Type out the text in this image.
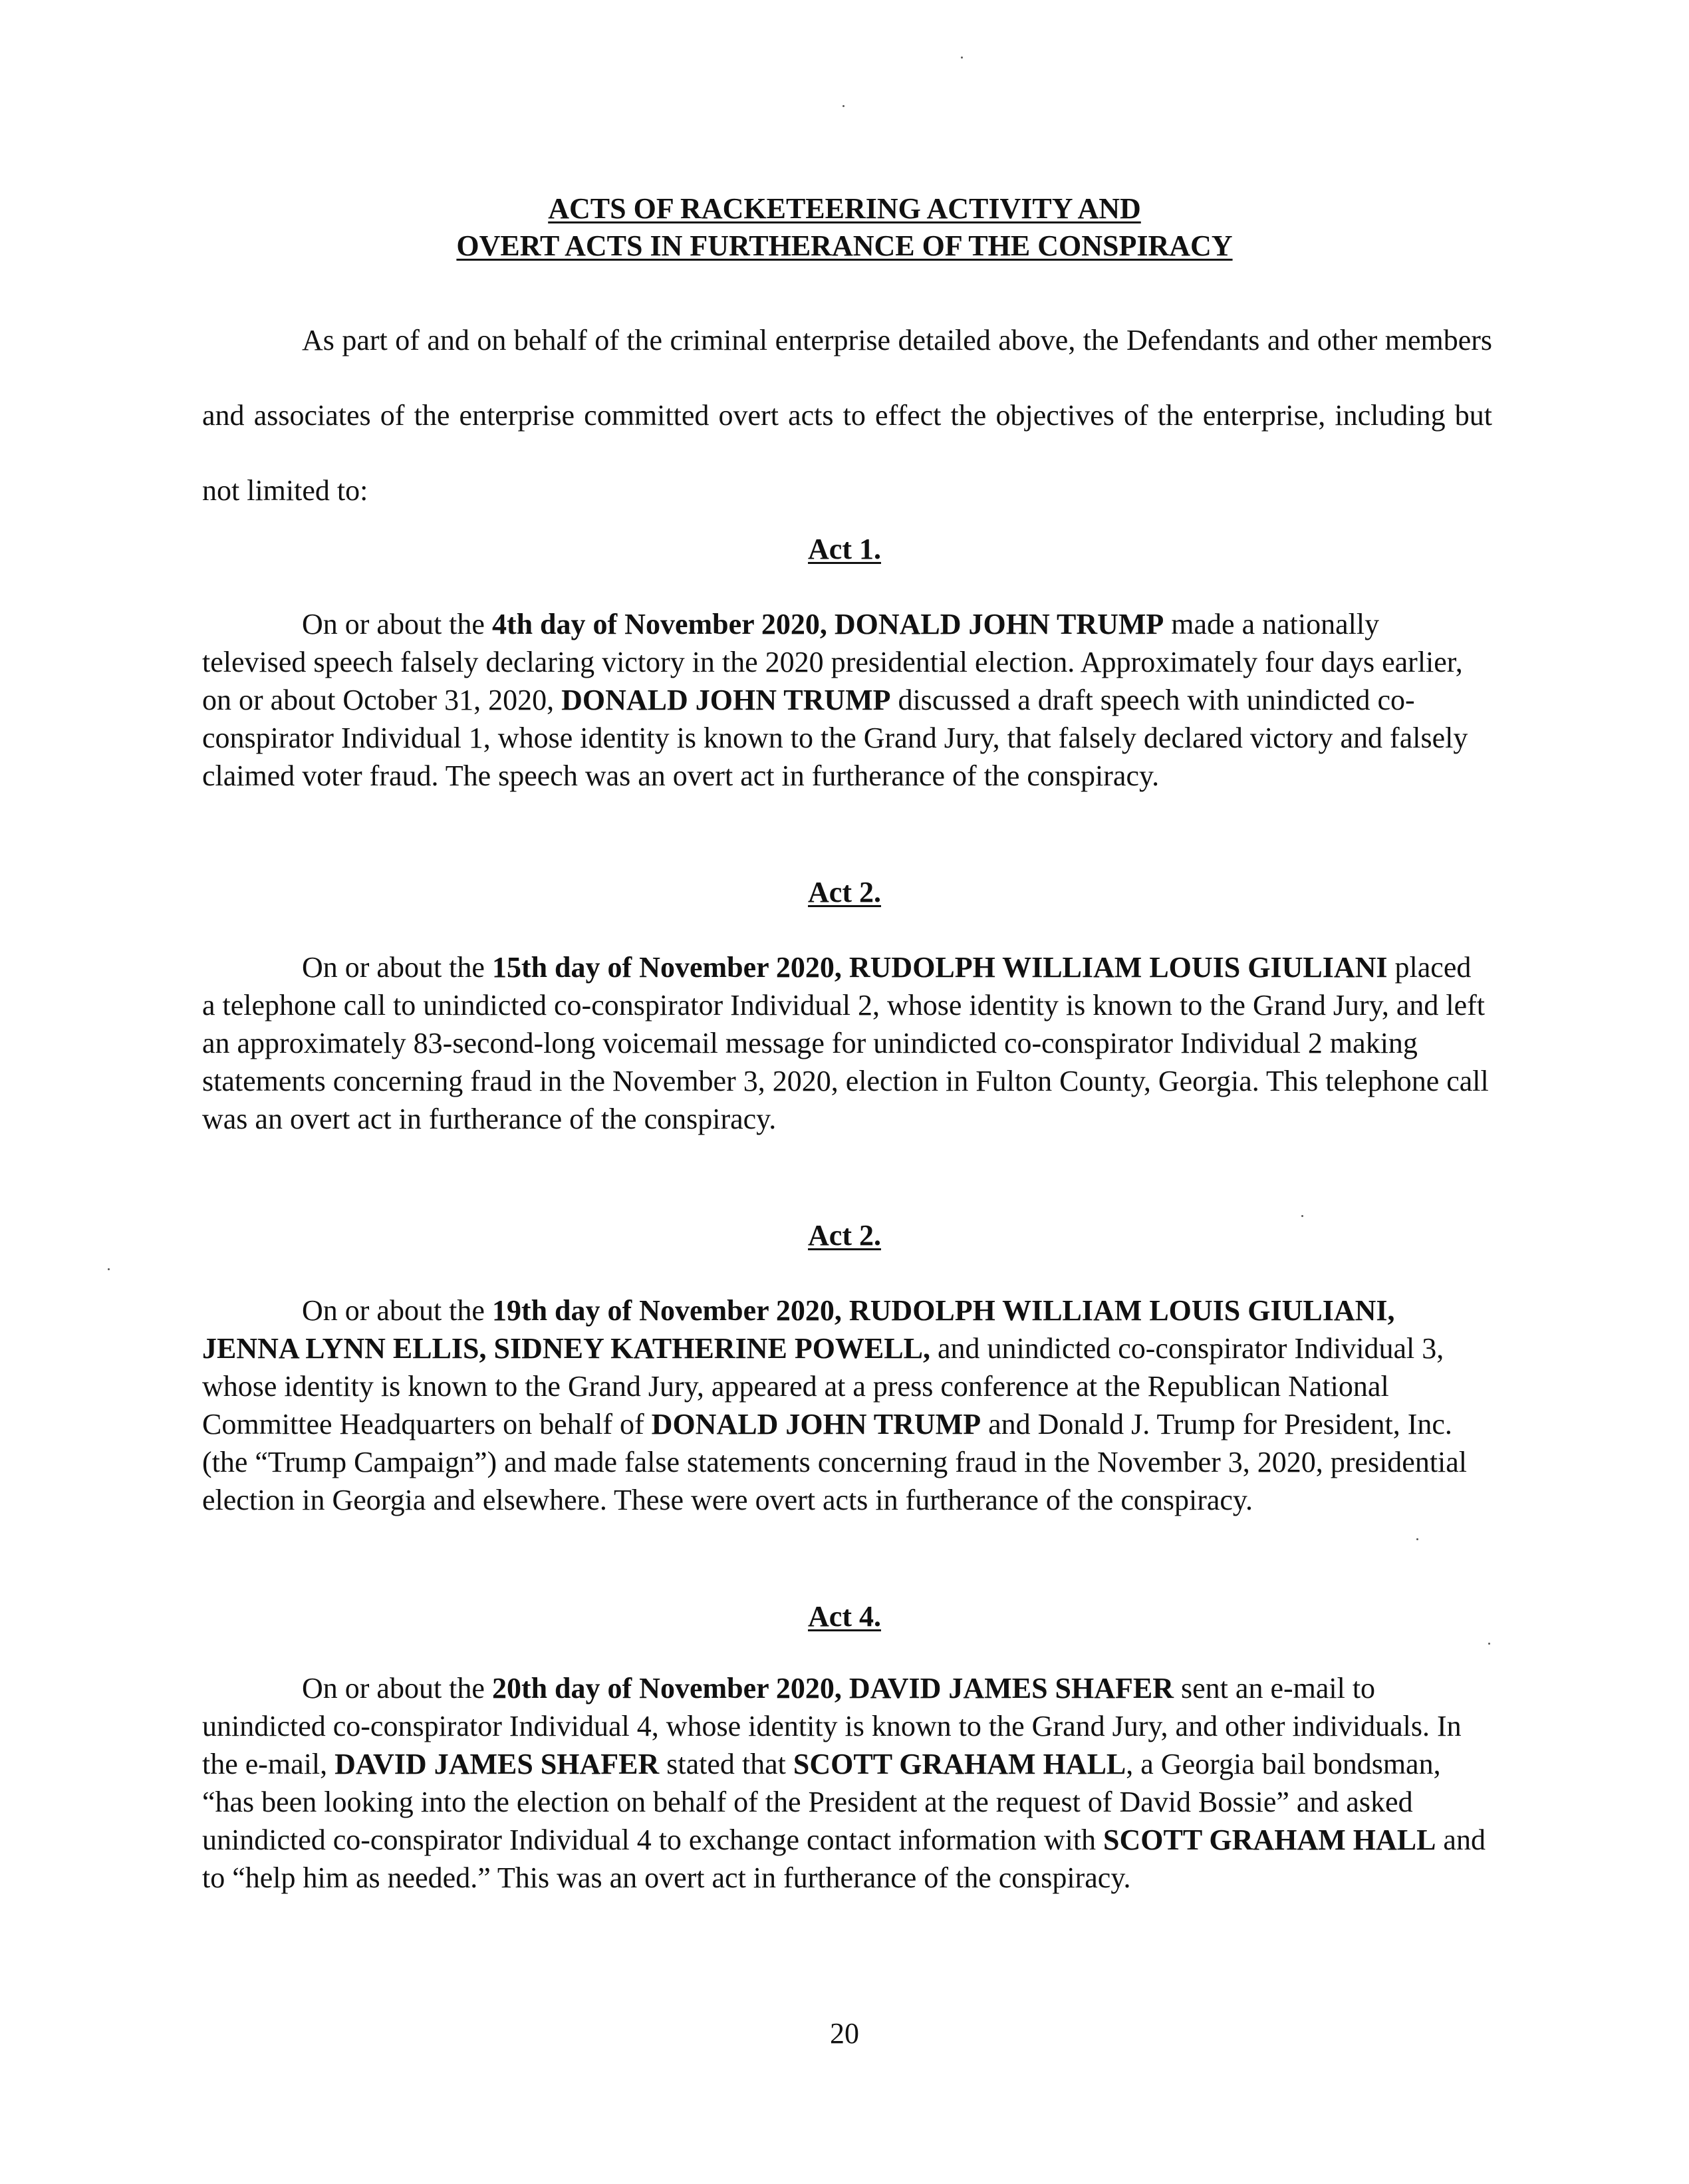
ACTS OF RACKETEERING ACTIVITY AND
OVERT ACTS IN FURTHERANCE OF THE CONSPIRACY

As part of and on behalf of the criminal enterprise detailed above, the Defendants and other members and associates of the enterprise committed overt acts to effect the objectives of the enterprise, including but not limited to:

Act 1.

On or about the 4th day of November 2020, DONALD JOHN TRUMP made a nationally televised speech falsely declaring victory in the 2020 presidential election. Approximately four days earlier, on or about October 31, 2020, DONALD JOHN TRUMP discussed a draft speech with unindicted co-conspirator Individual 1, whose identity is known to the Grand Jury, that falsely declared victory and falsely claimed voter fraud. The speech was an overt act in furtherance of the conspiracy.

Act 2.

On or about the 15th day of November 2020, RUDOLPH WILLIAM LOUIS GIULIANI placed a telephone call to unindicted co-conspirator Individual 2, whose identity is known to the Grand Jury, and left an approximately 83-second-long voicemail message for unindicted co-conspirator Individual 2 making statements concerning fraud in the November 3, 2020, election in Fulton County, Georgia. This telephone call was an overt act in furtherance of the conspiracy.

Act 2.

On or about the 19th day of November 2020, RUDOLPH WILLIAM LOUIS GIULIANI, JENNA LYNN ELLIS, SIDNEY KATHERINE POWELL, and unindicted co-conspirator Individual 3, whose identity is known to the Grand Jury, appeared at a press conference at the Republican National Committee Headquarters on behalf of DONALD JOHN TRUMP and Donald J. Trump for President, Inc. (the “Trump Campaign”) and made false statements concerning fraud in the November 3, 2020, presidential election in Georgia and elsewhere. These were overt acts in furtherance of the conspiracy.

Act 4.

On or about the 20th day of November 2020, DAVID JAMES SHAFER sent an e-mail to unindicted co-conspirator Individual 4, whose identity is known to the Grand Jury, and other individuals. In the e-mail, DAVID JAMES SHAFER stated that SCOTT GRAHAM HALL, a Georgia bail bondsman, “has been looking into the election on behalf of the President at the request of David Bossie” and asked unindicted co-conspirator Individual 4 to exchange contact information with SCOTT GRAHAM HALL and to “help him as needed.” This was an overt act in furtherance of the conspiracy.

20
